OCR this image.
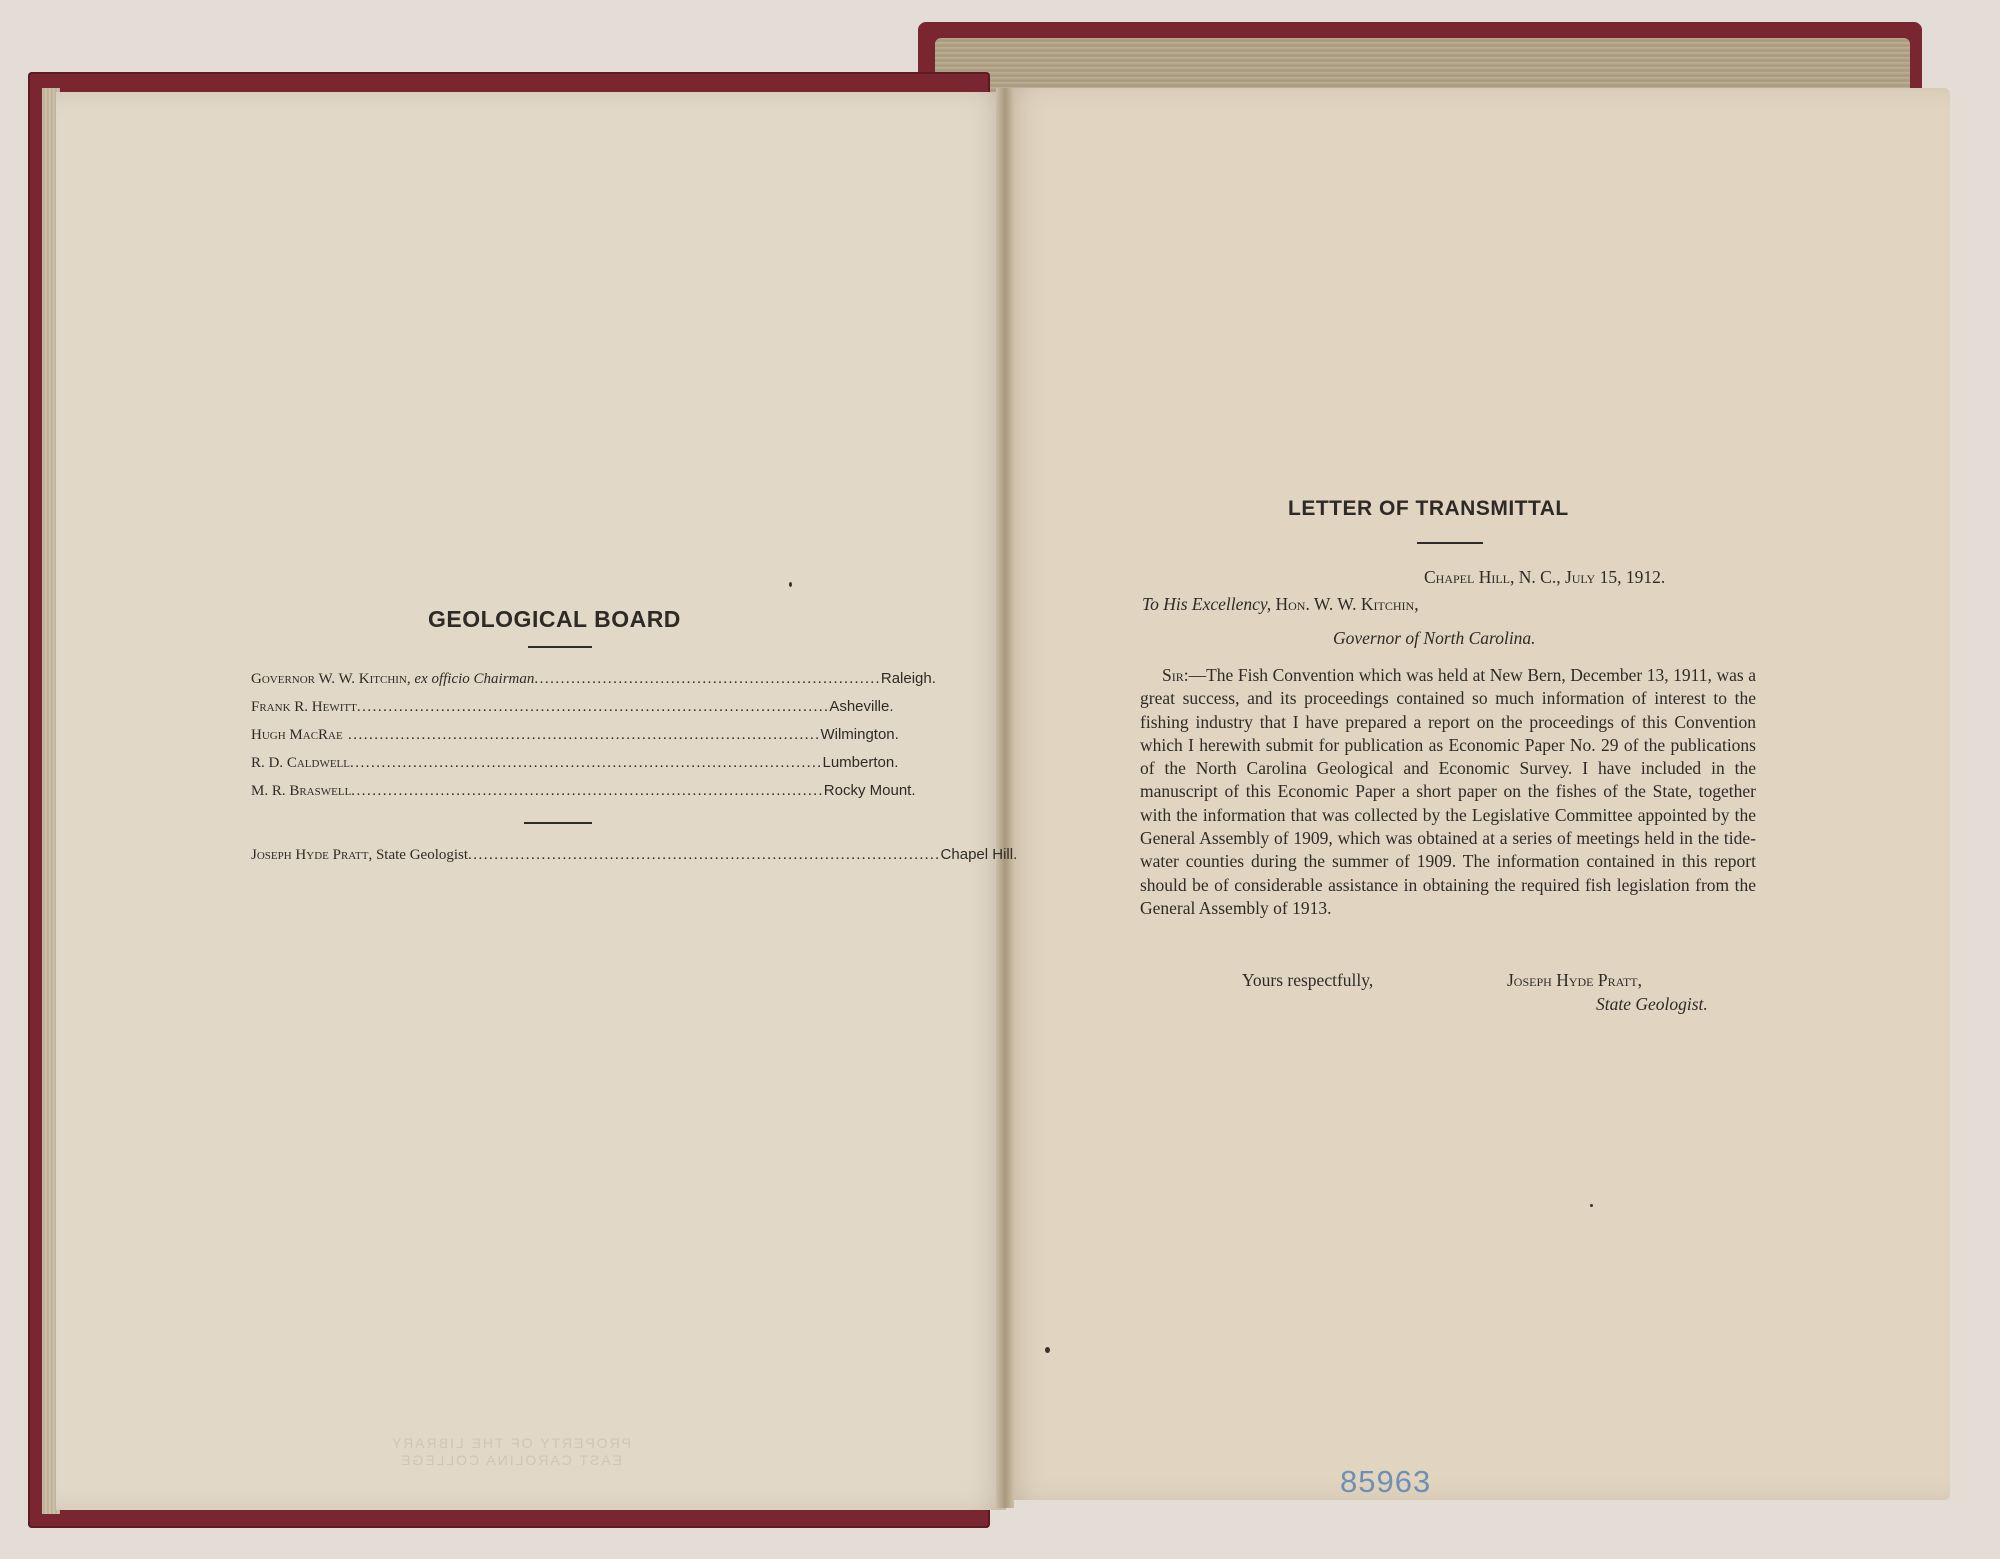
GEOLOGICAL BOARD
Governor W. W. Kitchin, ex officio Chairman .................................................................. Raleigh.
Frank R. Hewitt .......................................................................................... Asheville.
Hugh MacRae .......................................................................................... Wilmington.
R. D. Caldwell .......................................................................................... Lumberton.
M. R. Braswell .......................................................................................... Rocky Mount.
Joseph Hyde Pratt, State Geologist .......................................................................................... Chapel Hill.
PROPERTY OF THE LIBRARY
EAST CAROLINA COLLEGE
LETTER OF TRANSMITTAL
Chapel Hill, N. C., July 15, 1912.
To His Excellency, Hon. W. W. Kitchin,
Governor of North Carolina.
Sir:—The Fish Convention which was held at New Bern, December 13, 1911, was a great success, and its proceedings contained so much information of interest to the fishing industry that I have prepared a report on the proceedings of this Convention which I herewith submit for publication as Economic Paper No. 29 of the publications of the North Carolina Geological and Economic Survey. I have included in the manuscript of this Economic Paper a short paper on the fishes of the State, together with the information that was collected by the Legislative Committee appointed by the General Assembly of 1909, which was obtained at a series of meetings held in the tide-water counties during the summer of 1909. The information contained in this report should be of considerable assistance in obtaining the required fish legislation from the General Assembly of 1913.
Yours respectfully,	Joseph Hyde Pratt,
State Geologist.
85963
